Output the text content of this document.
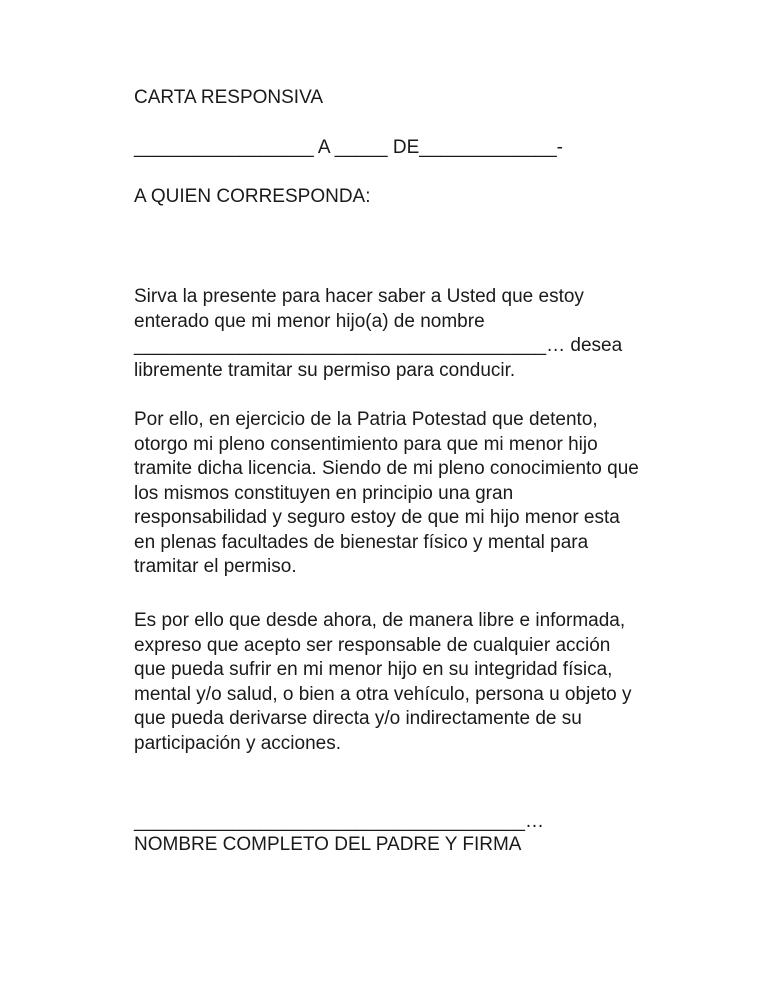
CARTA RESPONSIVA
_________________ A _____ DE_____________-
A QUIEN CORRESPONDA:
Sirva la presente para hacer saber a Usted que estoy
enterado que mi menor hijo(a) de nombre
_______________________________________… desea
libremente tramitar su permiso para conducir.
Por ello, en ejercicio de la Patria Potestad que detento,
otorgo mi pleno consentimiento para que mi menor hijo
tramite dicha licencia. Siendo de mi pleno conocimiento que
los mismos constituyen en principio una gran
responsabilidad y seguro estoy de que mi hijo menor esta
en plenas facultades de bienestar físico y mental para
tramitar el permiso.
Es por ello que desde ahora, de manera libre e informada,
expreso que acepto ser responsable de cualquier acción
que pueda sufrir en mi menor hijo en su integridad física,
mental y/o salud, o bien a otra vehículo, persona u objeto y
que pueda derivarse directa y/o indirectamente de su
participación y acciones.
_____________________________________…
NOMBRE COMPLETO DEL PADRE Y FIRMA
